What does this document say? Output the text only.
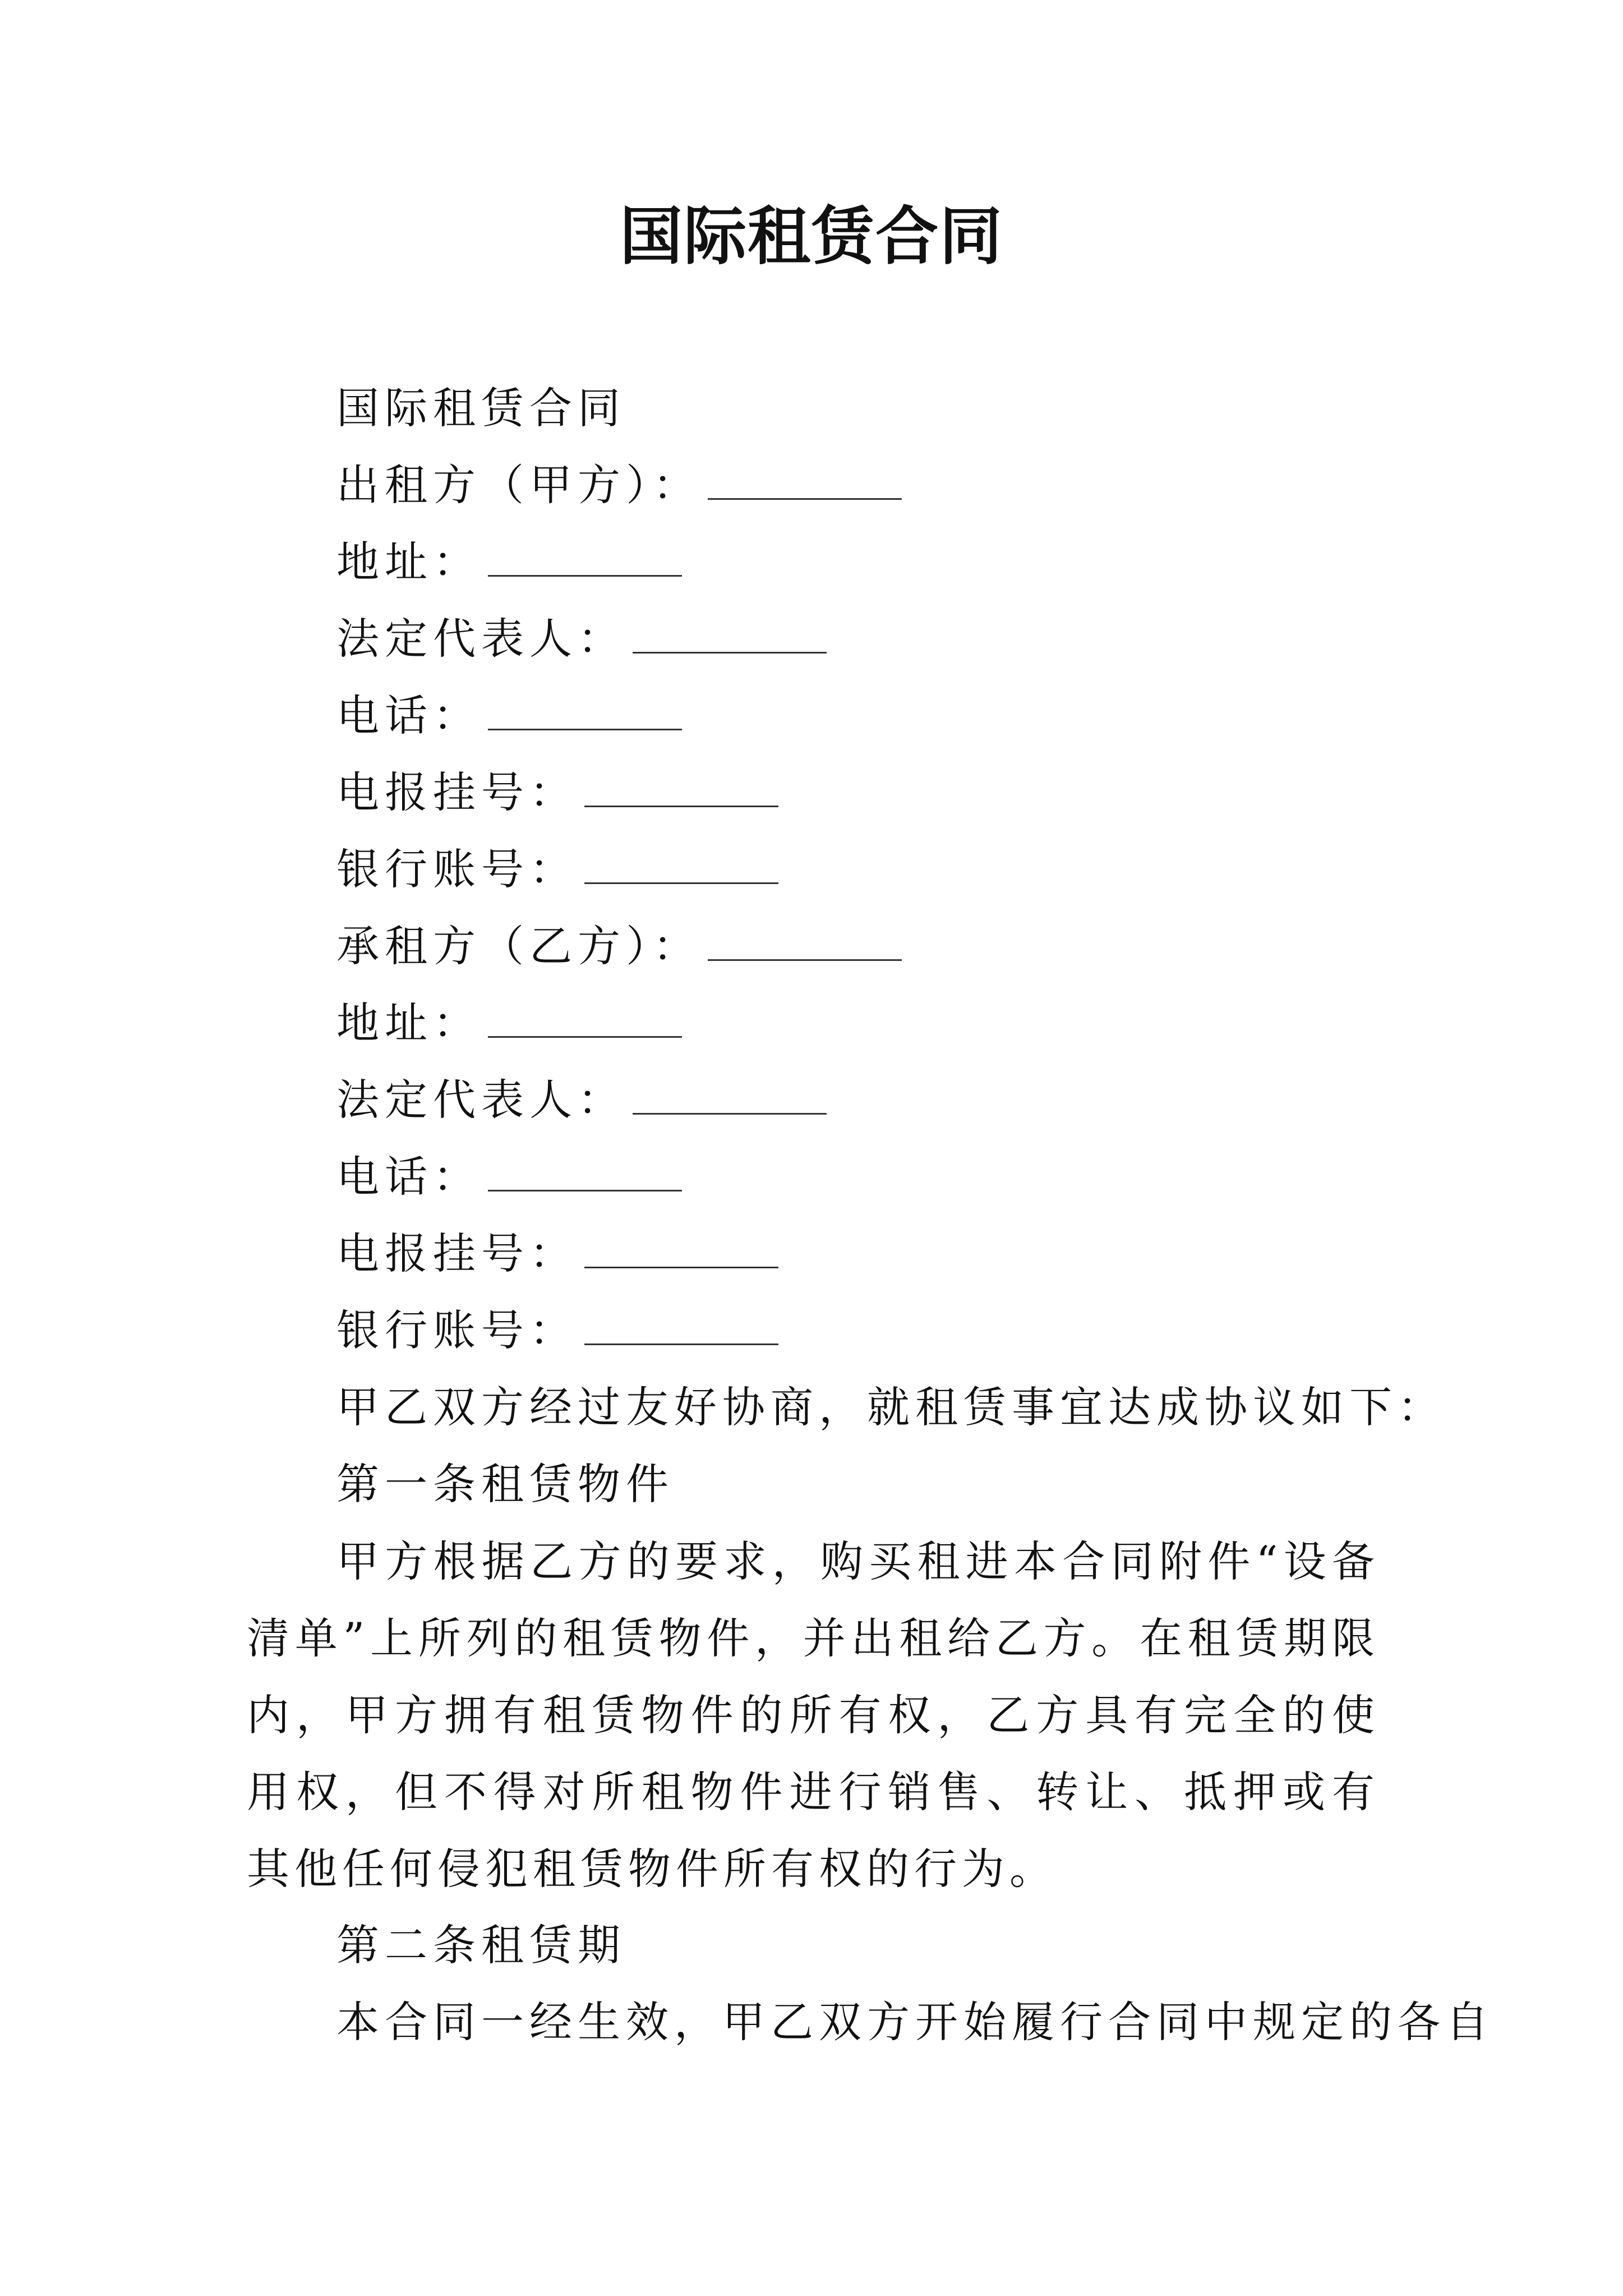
国际租赁合同
国际租赁合同
出租方（甲方）：
地址：
法定代表人：
电话：
电报挂号：
银行账号：
承租方（乙方）：
地址：
法定代表人：
电话：
电报挂号：
银行账号：
甲乙双方经过友好协商，就租赁事宜达成协议如下：
第一条租赁物件
甲方根据乙方的要求，购买租进本合同附件“设备清单”上所列的租赁物件，并出租给乙方。在租赁期限内，甲方拥有租赁物件的所有权，乙方具有完全的使用权，但不得对所租物件进行销售、转让、抵押或有其他任何侵犯租赁物件所有权的行为。
第二条租赁期
本合同一经生效，甲乙双方开始履行合同中规定的各自
